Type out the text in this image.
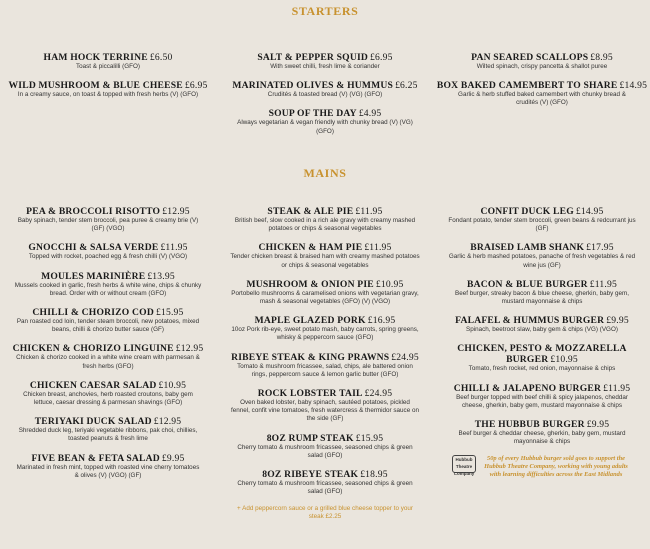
STARTERS
HAM HOCK TERRINE £6.50
Toast & piccalilli (GFO)
WILD MUSHROOM & BLUE CHEESE £6.95
In a creamy sauce, on toast & topped with fresh herbs (V) (GFO)
SALT & PEPPER SQUID £6.95
With sweet chilli, fresh lime & coriander
MARINATED OLIVES & HUMMUS £6.25
Crudités & toasted bread (V) (VG) (GFO)
SOUP OF THE DAY £4.95
Always vegetarian & vegan friendly with chunky bread (V) (VG) (GFO)
PAN SEARED SCALLOPS £8.95
Wilted spinach, crispy pancetta & shallot puree
BOX BAKED CAMEMBERT TO SHARE £14.95
Garlic & herb stuffed baked camembert with chunky bread & crudités (V) (GFO)
MAINS
PEA & BROCCOLI RISOTTO £12.95
Baby spinach, tender stem broccoli, pea puree & creamy brie (V) (GF) (VGO)
GNOCCHI & SALSA VERDE £11.95
Topped with rocket, poached egg & fresh chilli (V) (VGO)
MOULES MARINIÈRE £13.95
Mussels cooked in garlic, fresh herbs & white wine, chips & chunky bread. Order with or without cream (GFO)
CHILLI & CHORIZO COD £15.95
Pan roasted cod loin, tender steam broccoli, new potatoes, mixed beans, chilli & chorizo butter sauce (GF)
CHICKEN & CHORIZO LINGUINE £12.95
Chicken & chorizo cooked in a white wine cream with parmesan & fresh herbs (GFO)
CHICKEN CAESAR SALAD £10.95
Chicken breast, anchovies, herb roasted croutons, baby gem lettuce, caesar dressing & parmesan shavings (GFO)
TERIYAKI DUCK SALAD £12.95
Shredded duck leg, teriyaki vegetable ribbons, pak choi, chillies, toasted peanuts & fresh lime
FIVE BEAN & FETA SALAD £9.95
Marinated in fresh mint, topped with roasted vine cherry tomatoes & olives (V) (VGO) (GF)
STEAK & ALE PIE £11.95
British beef, slow cooked in a rich ale gravy with creamy mashed potatoes or chips & seasonal vegetables
CHICKEN & HAM PIE £11.95
Tender chicken breast & braised ham with creamy mashed potatoes or chips & seasonal vegetables
MUSHROOM & ONION PIE £10.95
Portobello mushrooms & caramelised onions with vegetarian gravy, mash & seasonal vegetables (GFO) (V) (VGO)
MAPLE GLAZED PORK £16.95
10oz Pork rib-eye, sweet potato mash, baby carrots, spring greens, whisky & peppercorn sauce (GFO)
RIBEYE STEAK & KING PRAWNS £24.95
Tomato & mushroom fricassee, salad, chips, ale battered onion rings, peppercorn sauce & lemon garlic butter (GFO)
ROCK LOBSTER TAIL £24.95
Oven baked lobster, baby spinach, sautéed potatoes, pickled fennel, confit vine tomatoes, fresh watercress & thermidor sauce on the side (GF)
8OZ RUMP STEAK £15.95
Cherry tomato & mushroom fricassee, seasoned chips & green salad (GFO)
8OZ RIBEYE STEAK £18.95
Cherry tomato & mushroom fricassee, seasoned chips & green salad (GFO)
+ Add peppercorn sauce or a grilled blue cheese topper to your steak £2.25
CONFIT DUCK LEG £14.95
Fondant potato, tender stem broccoli, green beans & redcurrant jus (GF)
BRAISED LAMB SHANK £17.95
Garlic & herb mashed potatoes, panache of fresh vegetables & red wine jus (GF)
BACON & BLUE BURGER £11.95
Beef burger, streaky bacon & blue cheese, gherkin, baby gem, mustard mayonnaise & chips
FALAFEL & HUMMUS BURGER £9.95
Spinach, beetroot slaw, baby gem & chips (VG) (VGO)
CHICKEN, PESTO & MOZZARELLA BURGER £10.95
Tomato, fresh rocket, red onion, mayonnaise & chips
CHILLI & JALAPENO BURGER £11.95
Beef burger topped with beef chilli & spicy jalapenos, cheddar cheese, gherkin, baby gem, mustard mayonnaise & chips
THE HUBBUB BURGER £9.95
Beef burger & cheddar cheese, gherkin, baby gem, mustard mayonnaise & chips
Hubbub Theatre Company
50p of every Hubbub burger sold goes to support the Hubbub Theatre Company, working with young adults with learning difficulties across the East Midlands
